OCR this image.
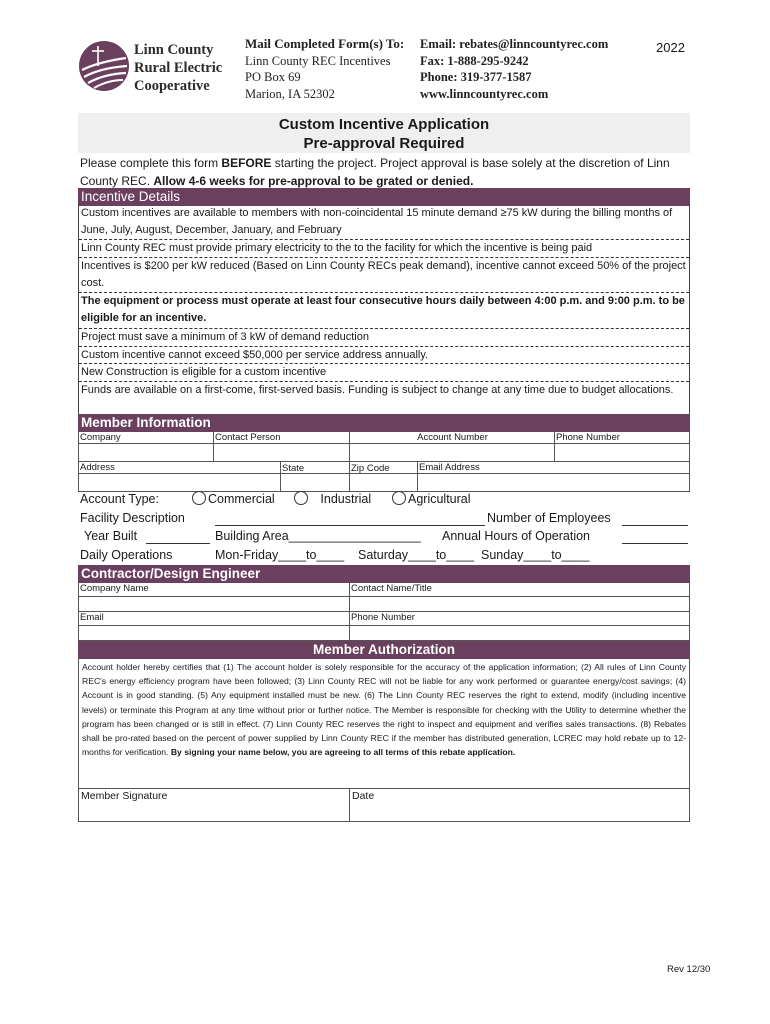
Linn County
Rural Electric
Cooperative
Mail Completed Form(s) To:
Linn County REC Incentives
PO Box 69
Marion, IA 52302
Email: rebates@linncountyrec.com
Fax: 1-888-295-9242
Phone: 319-377-1587
www.linncountyrec.com
2022
Custom Incentive Application
Pre-approval Required
Please complete this form BEFORE starting the project. Project approval is base solely at the discretion of Linn County REC. Allow 4-6 weeks for pre-approval to be grated or denied.
Incentive Details
Custom incentives are available to members with non-coincidental 15 minute demand ≥75 kW during the billing months of June, July, August, December, January, and February
Linn County REC must provide primary electricity to the to the facility for which the incentive is being paid
Incentives is $200 per kW reduced (Based on Linn County RECs peak demand), incentive cannot exceed 50% of the project cost.
The equipment or process must operate at least four consecutive hours daily between 4:00 p.m. and 9:00 p.m. to be eligible for an incentive.
Project must save a minimum of 3 kW of demand reduction
Custom incentive cannot exceed $50,000 per service address annually.
New Construction is eligible for a custom incentive
Funds are available on a first-come, first-served basis. Funding is subject to change at any time due to budget allocations.
Member Information
Company	Contact Person	Account Number	Phone Number
Address	State	Zip Code	Email Address
Account Type:	Commercial	Industrial	Agricultural
Facility Description	Number of Employees
Year Built	Building Area___________________ Annual Hours of Operation
Daily Operations	Mon-Friday____to____ Saturday____to____ Sunday____to____
Contractor/Design Engineer
Company Name	Contact Name/Title
Email	Phone Number
Member Authorization
Account holder hereby certifies that (1) The account holder is solely responsible for the accuracy of the application information; (2) All rules of Linn County REC's energy efficiency program have been followed; (3) Linn County REC will not be liable for any work performed or guarantee energy/cost savings; (4) Account is in good standing. (5) Any equipment installed must be new. (6) The Linn County REC reserves the right to extend, modify (including incentive levels) or terminate this Program at any time without prior or further notice. The Member is responsible for checking with the Utility to determine whether the program has been changed or is still in effect. (7) Linn County REC reserves the right to inspect and equipment and verifies sales transactions. (8) Rebates shall be pro-rated based on the percent of power supplied by Linn County REC if the member has distributed generation, LCREC may hold rebate up to 12-months for verification. By signing your name below, you are agreeing to all terms of this rebate application.
Member Signature	Date
Rev 12/30
